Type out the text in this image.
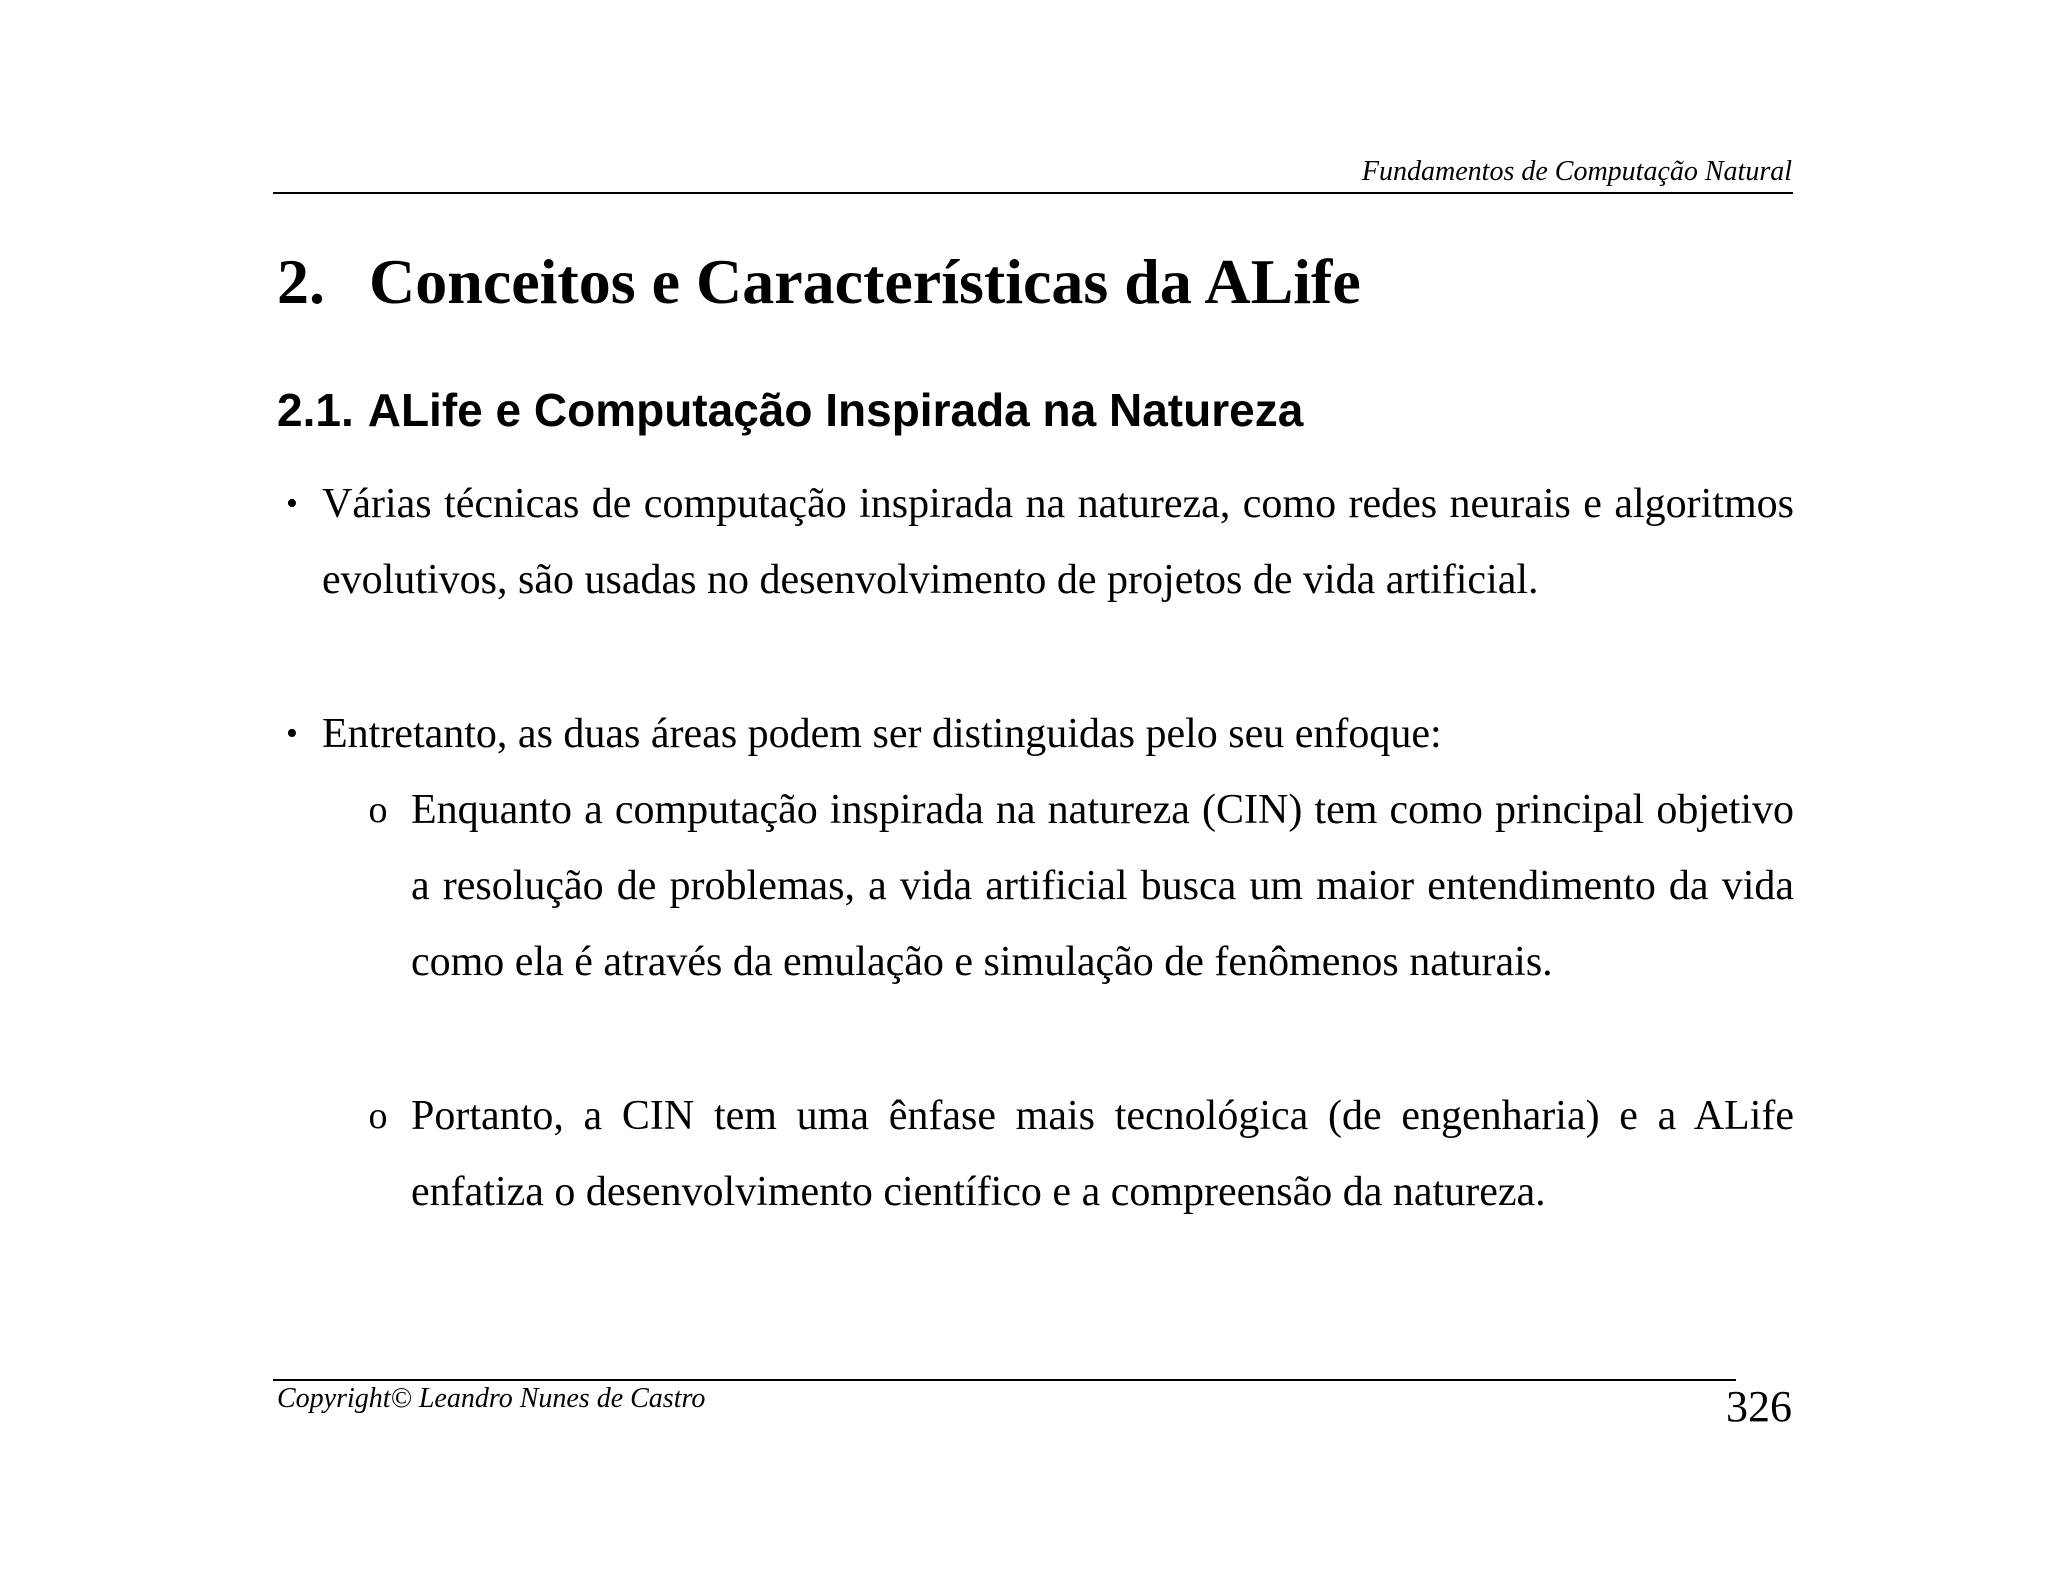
Fundamentos de Computação Natural
2. Conceitos e Características da ALife
2.1. ALife e Computação Inspirada na Natureza
• Várias técnicas de computação inspirada na natureza, como redes neurais e algoritmos evolutivos, são usadas no desenvolvimento de projetos de vida artificial.
• Entretanto, as duas áreas podem ser distinguidas pelo seu enfoque:
o Enquanto a computação inspirada na natureza (CIN) tem como principal objetivo a resolução de problemas, a vida artificial busca um maior entendimento da vida como ela é através da emulação e simulação de fenômenos naturais.
o Portanto, a CIN tem uma ênfase mais tecnológica (de engenharia) e a ALife enfatiza o desenvolvimento científico e a compreensão da natureza.
Copyright© Leandro Nunes de Castro	326
